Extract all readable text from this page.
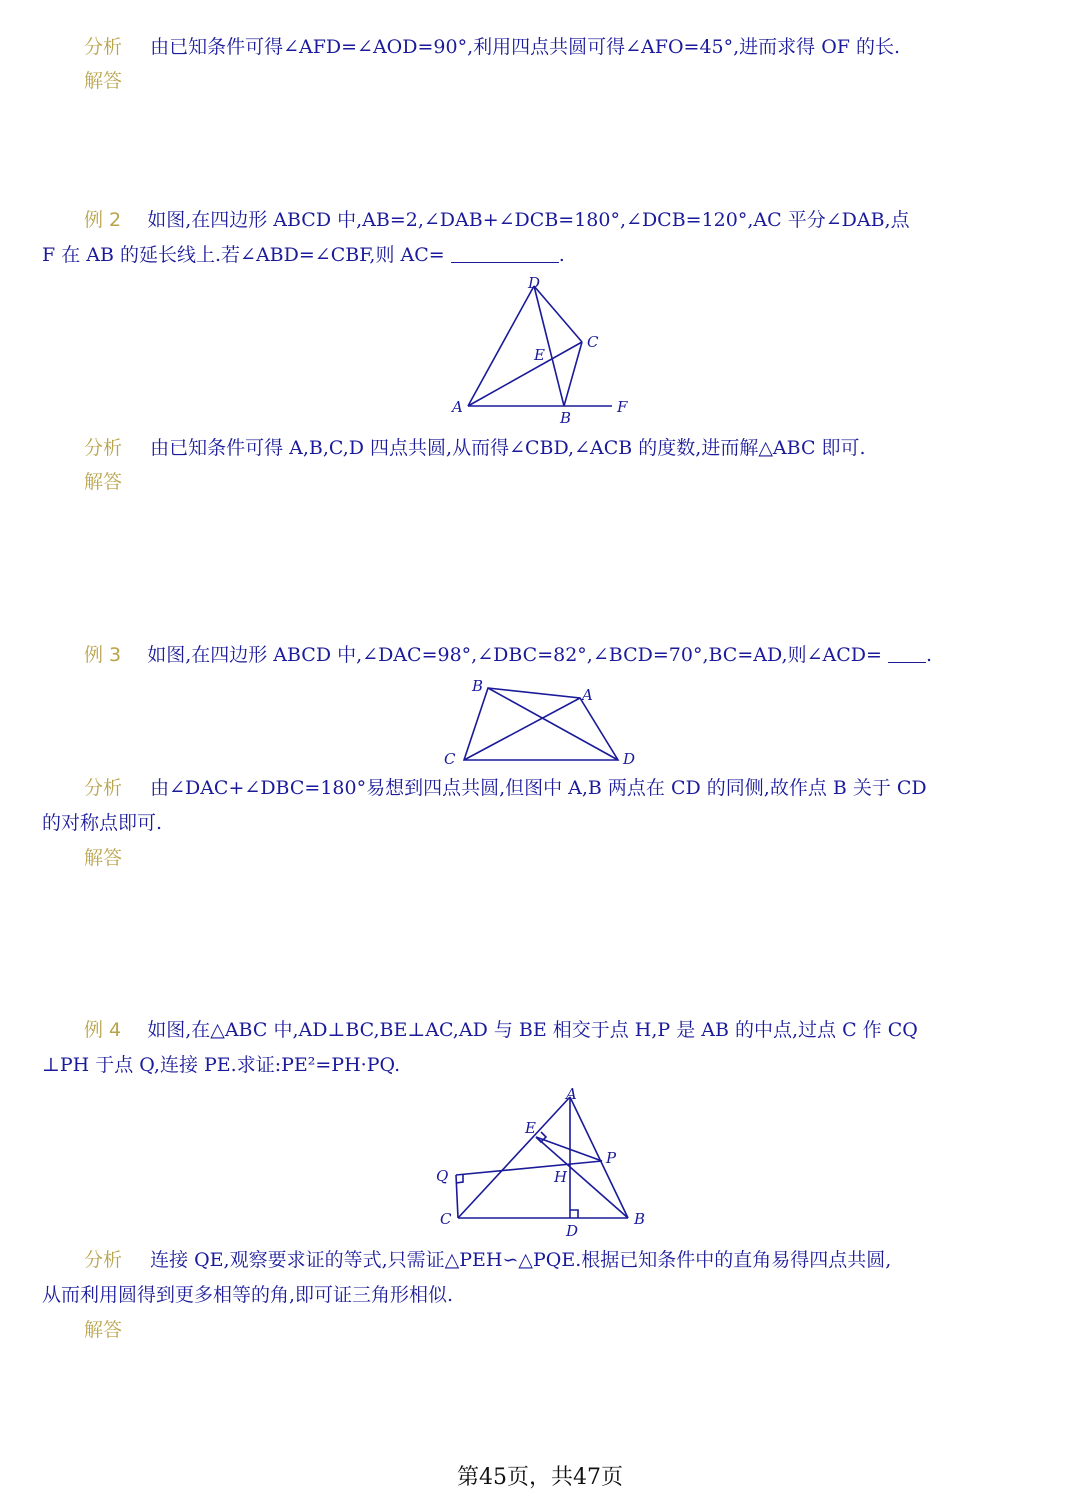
分析 由已知条件可得∠AFD=∠AOD=90°,利用四点共圆可得∠AFO=45°,进而求得 OF 的长.
解答
例 2 如图,在四边形 ABCD 中,AB=2,∠DAB+∠DCB=180°,∠DCB=120°,AC 平分∠DAB,点
F 在 AB 的延长线上.若∠ABD=∠CBF,则 AC=	.
D
C
E
A
B
F
分析 由已知条件可得 A,B,C,D 四点共圆,从而得∠CBD,∠ACB 的度数,进而解△ABC 即可.
解答
例 3 如图,在四边形 ABCD 中,∠DAC=98°,∠DBC=82°,∠BCD=70°,BC=AD,则∠ACD= .
B	A
C	D
分析 由∠DAC+∠DBC=180°易想到四点共圆,但图中 A,B 两点在 CD 的同侧,故作点 B 关于 CD
的对称点即可.
解答
例 4 如图,在△ABC 中,AD⊥BC,BE⊥AC,AD 与 BE 相交于点 H,P 是 AB 的中点,过点 C 作 CQ
⊥PH 于点 Q,连接 PE.求证:PE²=PH·PQ.
A
E
P
Q	H
C
D
B
分析 连接 QE,观察要求证的等式,只需证△PEH∽△PQE.根据已知条件中的直角易得四点共圆,
从而利用圆得到更多相等的角,即可证三角形相似.
解答
第45页，共47页
